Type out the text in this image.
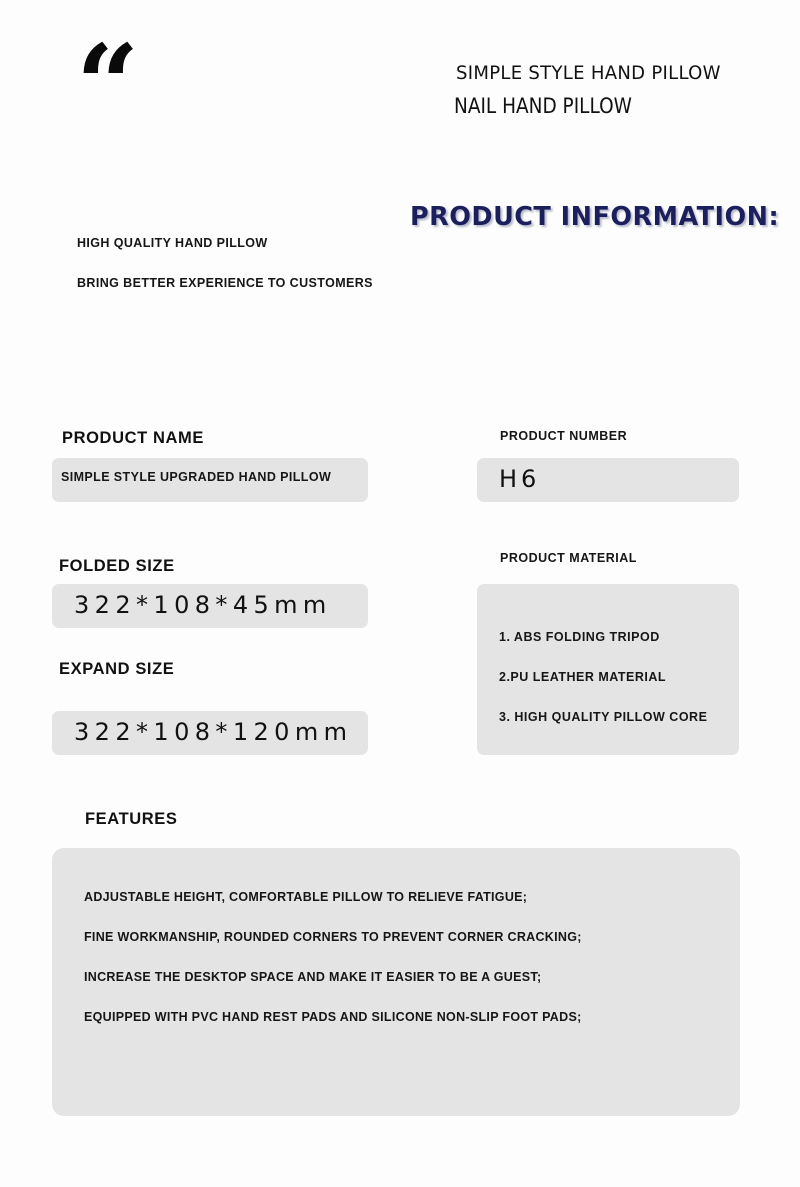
“	SIMPLE STYLE HAND PILLOW
NAIL HAND PILLOW
PRODUCT INFORMATION:
HIGH QUALITY HAND PILLOW
BRING BETTER EXPERIENCE TO CUSTOMERS
PRODUCT NAME
SIMPLE STYLE UPGRADED HAND PILLOW
PRODUCT NUMBER
H6
FOLDED SIZE
322*108*45mm
EXPAND SIZE
322*108*120mm
PRODUCT MATERIAL
1. ABS FOLDING TRIPOD
2.PU LEATHER MATERIAL
3. HIGH QUALITY PILLOW CORE
FEATURES
ADJUSTABLE HEIGHT, COMFORTABLE PILLOW TO RELIEVE FATIGUE;
FINE WORKMANSHIP, ROUNDED CORNERS TO PREVENT CORNER CRACKING;
INCREASE THE DESKTOP SPACE AND MAKE IT EASIER TO BE A GUEST;
EQUIPPED WITH PVC HAND REST PADS AND SILICONE NON-SLIP FOOT PADS;
